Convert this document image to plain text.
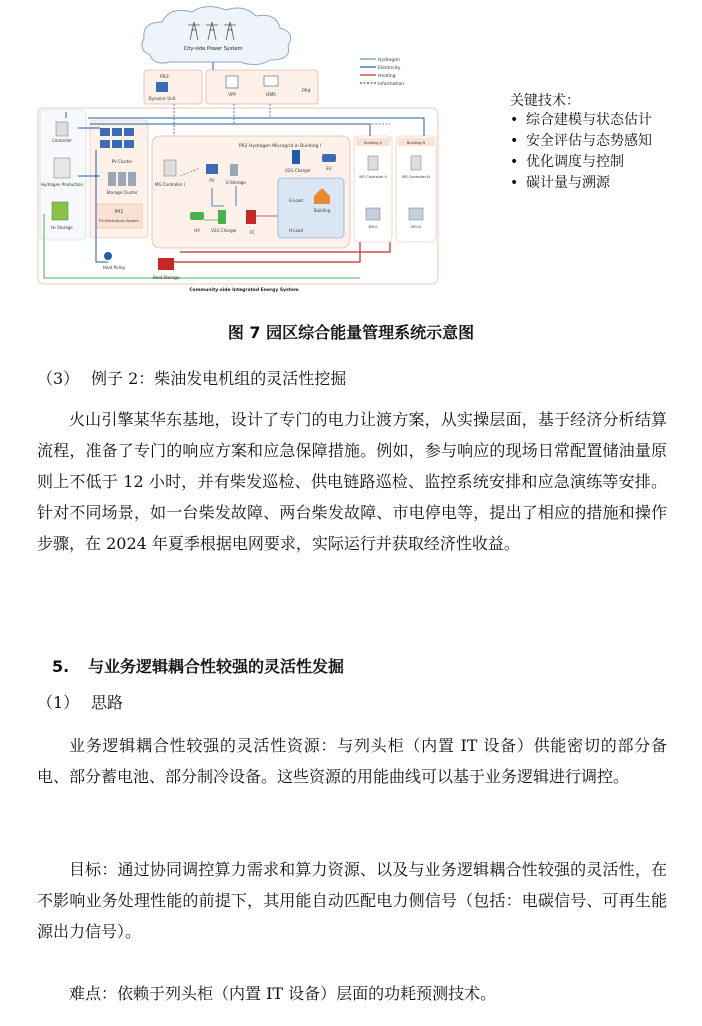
City-side Power System
Hydrogen
Electricity
Heating
Information
PR3
Dynamic Unit
VPP	IEMS
PR4
Controller
Hydrogen Production
H₂ Storage
PV Cluster
Storage Cluster
PR1
PV-Electrolysis System
PR2 Hydrogen Microgrid in Building I
MG Controller I
PV	E-Storage
V2G Charger	EV
E-Load
Building
H-Load
HV	V2G Charger	FC
Building II
MG Controller II
MG II
Building N
MG Controller N
MG N
Heat Pump
Heat Storage
Community-side Integrated Energy System
关键技术：
• 综合建模与状态估计
• 安全评估与态势感知
• 优化调度与控制
• 碳计量与溯源
图 7 园区综合能量管理系统示意图
（3） 例子 2：柴油发电机组的灵活性挖掘
火山引擎某华东基地，设计了专门的电力让渡方案，从实操层面，基于经济分析结算流程，准备了专门的响应方案和应急保障措施。例如，参与响应的现场日常配置储油量原则上不低于 12 小时，并有柴发巡检、供电链路巡检、监控系统安排和应急演练等安排。针对不同场景，如一台柴发故障、两台柴发故障、市电停电等，提出了相应的措施和操作步骤，在 2024 年夏季根据电网要求，实际运行并获取经济性收益。
5. 与业务逻辑耦合性较强的灵活性发掘
（1） 思路
业务逻辑耦合性较强的灵活性资源：与列头柜（内置 IT 设备）供能密切的部分备电、部分蓄电池、部分制冷设备。这些资源的用能曲线可以基于业务逻辑进行调控。
目标：通过协同调控算力需求和算力资源、以及与业务逻辑耦合性较强的灵活性，在不影响业务处理性能的前提下，其用能自动匹配电力侧信号（包括：电碳信号、可再生能源出力信号）。
难点：依赖于列头柜（内置 IT 设备）层面的功耗预测技术。
